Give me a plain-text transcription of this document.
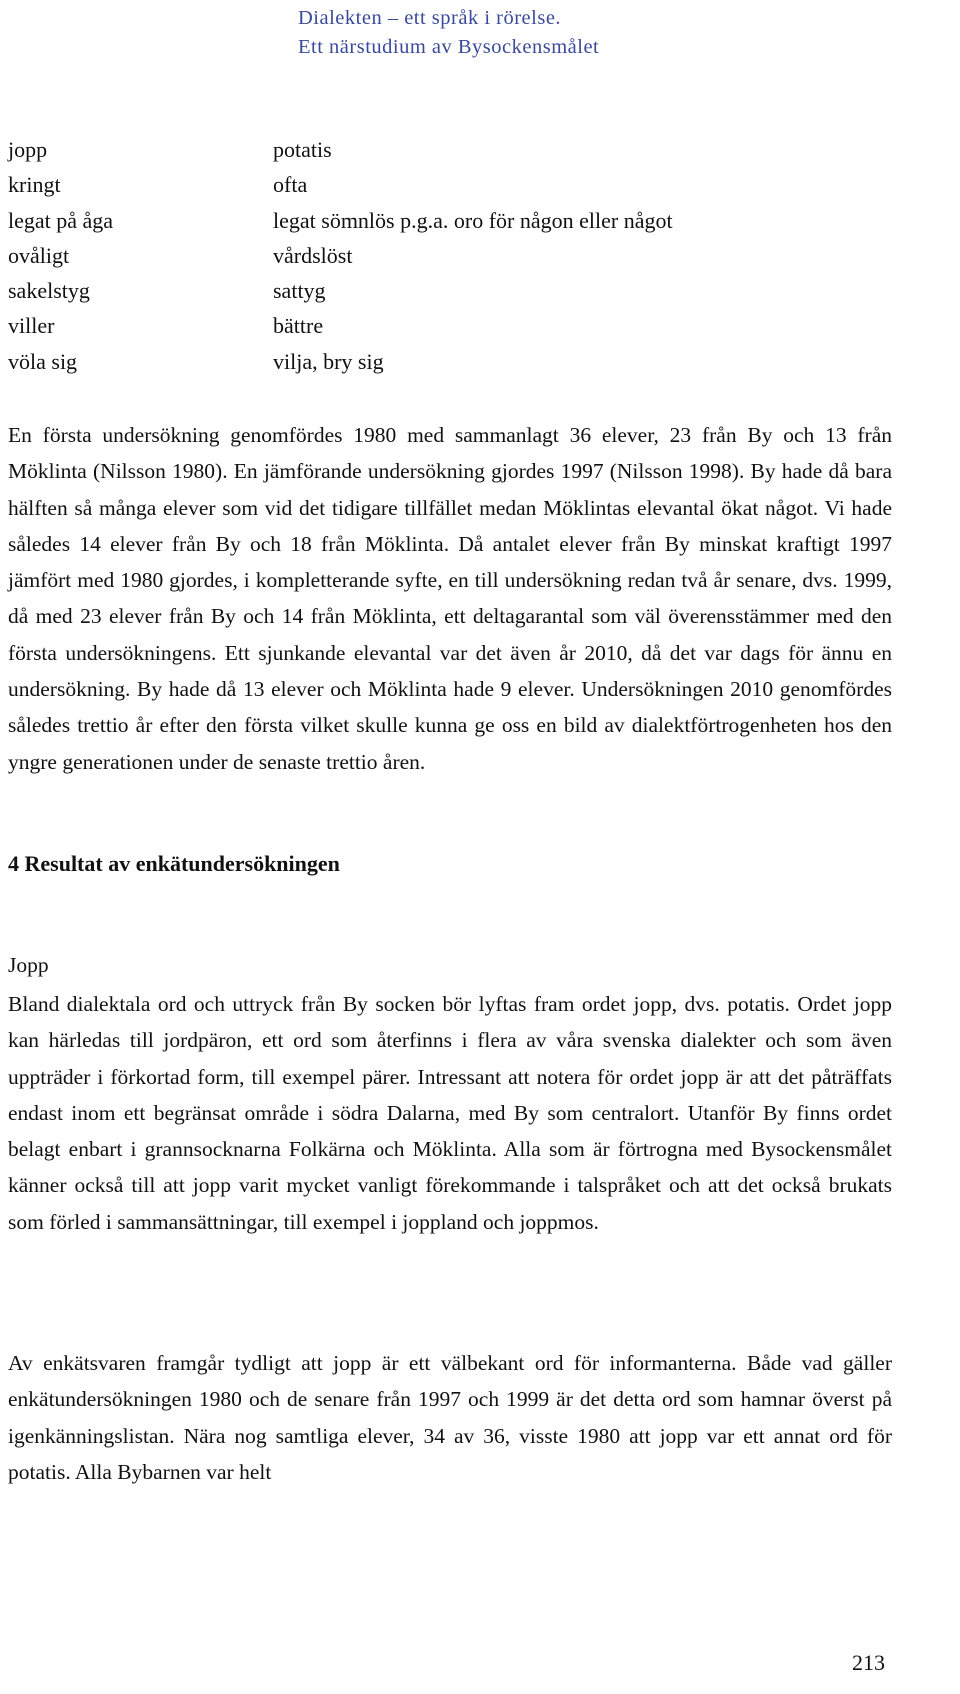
Dialekten – ett språk i rörelse.
Ett närstudium av Bysockensmålet
jopp	potatis
kringt	ofta
legat på åga	legat sömnlös p.g.a. oro för någon eller något
ovåligt	vårdslöst
sakelstyg	sattyg
viller	bättre
völa sig	vilja, bry sig

En första undersökning genomfördes 1980 med sammanlagt 36 elever, 23 från By och 13 från Möklinta (Nilsson 1980). En jämförande undersökning gjordes 1997 (Nilsson 1998). By hade då bara hälften så många elever som vid det tidigare tillfället medan Möklintas elevantal ökat något. Vi hade således 14 elever från By och 18 från Möklinta. Då antalet elever från By minskat kraftigt 1997 jämfört med 1980 gjordes, i kompletterande syfte, en till undersökning redan två år senare, dvs. 1999, då med 23 elever från By och 14 från Möklinta, ett deltagarantal som väl överensstämmer med den första undersökningens. Ett sjunkande elevantal var det även år 2010, då det var dags för ännu en undersökning. By hade då 13 elever och Möklinta hade 9 elever. Undersökningen 2010 genomfördes således trettio år efter den första vilket skulle kunna ge oss en bild av dialektförtrogenheten hos den yngre generationen under de senaste trettio åren.

4 Resultat av enkätundersökningen

Jopp

Bland dialektala ord och uttryck från By socken bör lyftas fram ordet jopp, dvs. potatis. Ordet jopp kan härledas till jordpäron, ett ord som återfinns i flera av våra svenska dialekter och som även uppträder i förkortad form, till exempel pärer. Intressant att notera för ordet jopp är att det påträffats endast inom ett begränsat område i södra Dalarna, med By som centralort. Utanför By finns ordet belagt enbart i grannsocknarna Folkärna och Möklinta. Alla som är förtrogna med Bysockensmålet känner också till att jopp varit mycket vanligt förekommande i talspråket och att det också brukats som förled i sammansättningar, till exempel i joppland och joppmos.

Av enkätsvaren framgår tydligt att jopp är ett välbekant ord för informanterna. Både vad gäller enkätundersökningen 1980 och de senare från 1997 och 1999 är det detta ord som hamnar överst på igenkänningslistan. Nära nog samtliga elever, 34 av 36, visste 1980 att jopp var ett annat ord för potatis. Alla Bybarnen var helt

213
